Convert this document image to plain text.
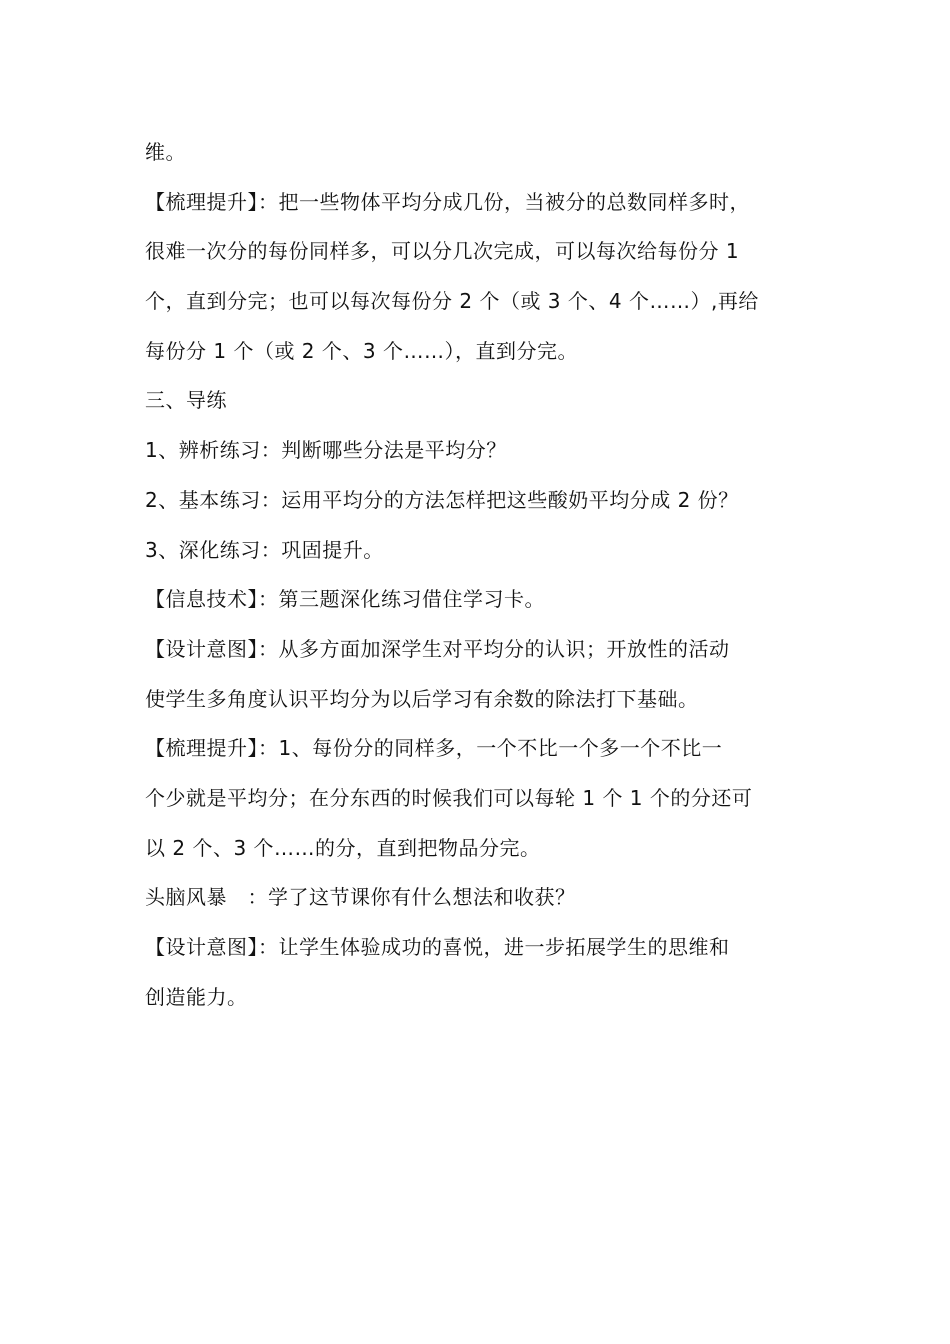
维。
【梳理提升】：把一些物体平均分成几份，当被分的总数同样多时，
很难一次分的每份同样多，可以分几次完成，可以每次给每份分 1
个，直到分完；也可以每次每份分 2 个（或 3 个、4 个……）,再给
每份分 1 个（或 2 个、3 个……），直到分完。
三、导练
1、辨析练习：判断哪些分法是平均分？
2、基本练习：运用平均分的方法怎样把这些酸奶平均分成 2 份？
3、深化练习：巩固提升。
【信息技术】：第三题深化练习借住学习卡。
【设计意图】：从多方面加深学生对平均分的认识；开放性的活动
使学生多角度认识平均分为以后学习有余数的除法打下基础。
【梳理提升】：1、每份分的同样多，一个不比一个多一个不比一
个少就是平均分；在分东西的时候我们可以每轮 1 个 1 个的分还可
以 2 个、3 个……的分，直到把物品分完。
头脑风暴　：学了这节课你有什么想法和收获？
【设计意图】：让学生体验成功的喜悦，进一步拓展学生的思维和
创造能力。
